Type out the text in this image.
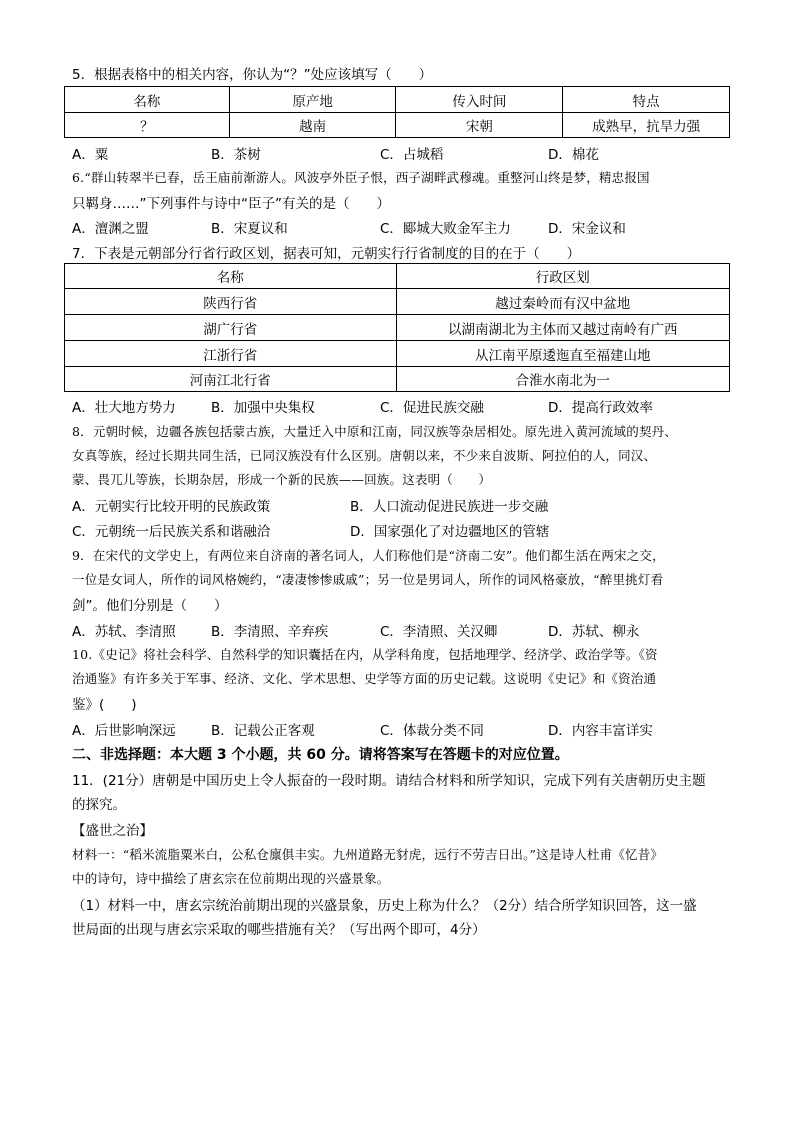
5．根据表格中的相关内容，你认为“？”处应该填写（　　）
名称	原产地	传入时间	特点
？	越南	宋朝	成熟早，抗旱力强
A．粟	B．茶树	C．占城稻	D．棉花
6.“群山转翠半已春，岳王庙前渐游人。风波亭外臣子恨，西子湖畔武穆魂。重整河山终是梦，精忠报国
只羁身……”下列事件与诗中“臣子”有关的是（　　）
A．澶渊之盟	B．宋夏议和	C．郾城大败金军主力	D．宋金议和
7．下表是元朝部分行省行政区划，据表可知，元朝实行行省制度的目的在于（　　）
名称	行政区划
陕西行省	越过秦岭而有汉中盆地
湖广行省	以湖南湖北为主体而又越过南岭有广西
江浙行省	从江南平原逶迤直至福建山地
河南江北行省	合淮水南北为一
A．壮大地方势力	B．加强中央集权	C．促进民族交融	D．提高行政效率
8．元朝时候，边疆各族包括蒙古族，大量迁入中原和江南，同汉族等杂居相处。原先进入黄河流域的契丹、
女真等族，经过长期共同生活，已同汉族没有什么区别。唐朝以来，不少来自波斯、阿拉伯的人，同汉、
蒙、畏兀儿等族，长期杂居，形成一个新的民族——回族。这表明（　　）
A．元朝实行比较开明的民族政策	B．人口流动促进民族进一步交融
C．元朝统一后民族关系和谐融洽	D．国家强化了对边疆地区的管辖
9．在宋代的文学史上，有两位来自济南的著名词人，人们称他们是“济南二安”。他们都生活在两宋之交，
一位是女词人，所作的词风格婉约，“凄凄惨惨戚戚”；另一位是男词人，所作的词风格豪放，“醉里挑灯看
剑”。他们分别是（　　）
A．苏轼、李清照	B．李清照、辛弃疾	C．李清照、关汉卿	D．苏轼、柳永
10.《史记》将社会科学、自然科学的知识囊括在内，从学科角度，包括地理学、经济学、政治学等。《资
治通鉴》有许多关于军事、经济、文化、学术思想、史学等方面的历史记载。这说明《史记》和《资治通
鉴》(　　)
A．后世影响深远	B．记载公正客观	C．体裁分类不同	D．内容丰富详实
二、非选择题：本大题 3 个小题，共 60 分。请将答案写在答题卡的对应位置。
11．(21分）唐朝是中国历史上令人振奋的一段时期。请结合材料和所学知识，完成下列有关唐朝历史主题
的探究。
【盛世之治】
材料一：“稻米流脂粟米白，公私仓廪俱丰实。九州道路无豺虎，远行不劳吉日出。”这是诗人杜甫《忆昔》
中的诗句，诗中描绘了唐玄宗在位前期出现的兴盛景象。
（1）材料一中，唐玄宗统治前期出现的兴盛景象，历史上称为什么？（2分）结合所学知识回答，这一盛
世局面的出现与唐玄宗采取的哪些措施有关？（写出两个即可，4分）
